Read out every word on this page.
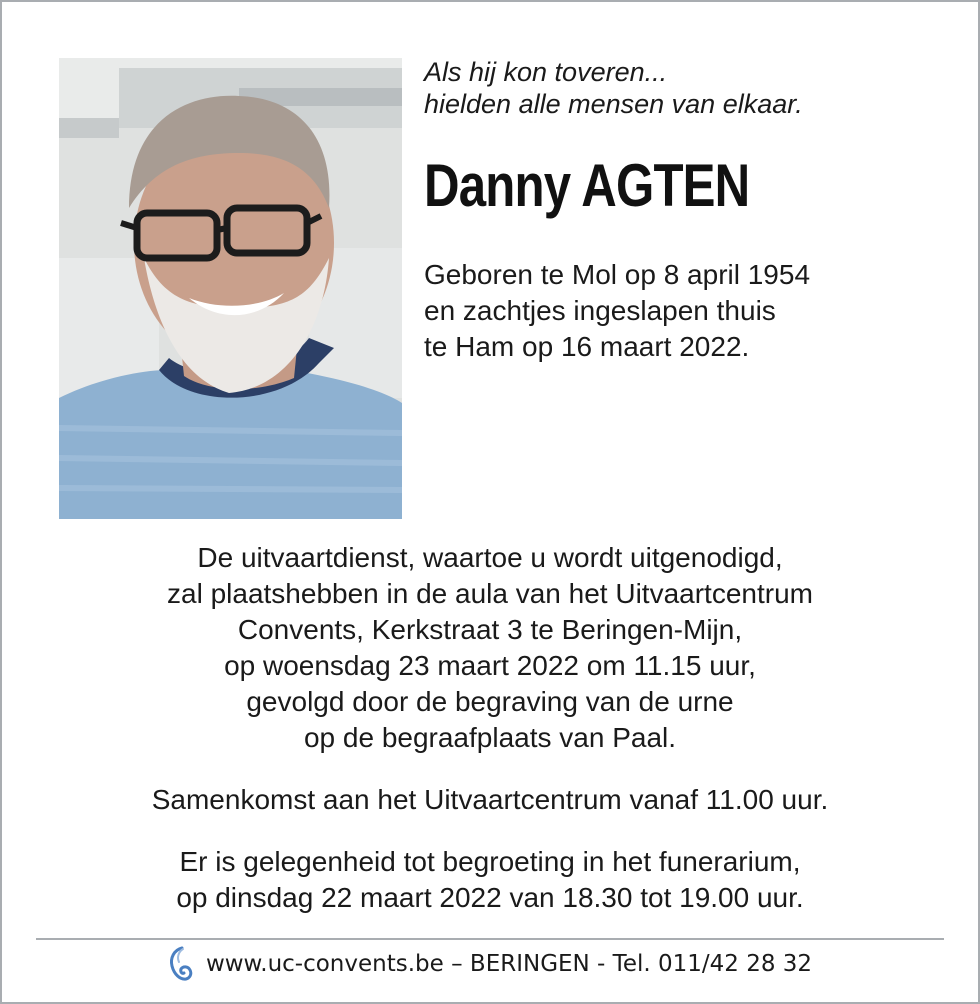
Als hij kon toveren...
hielden alle mensen van elkaar.
Danny AGTEN
Geboren te Mol op 8 april 1954
en zachtjes ingeslapen thuis
te Ham op 16 maart 2022.
De uitvaartdienst, waartoe u wordt uitgenodigd,
zal plaatshebben in de aula van het Uitvaartcentrum
Convents, Kerkstraat 3 te Beringen-Mijn,
op woensdag 23 maart 2022 om 11.15 uur,
gevolgd door de begraving van de urne
op de begraafplaats van Paal.
Samenkomst aan het Uitvaartcentrum vanaf 11.00 uur.
Er is gelegenheid tot begroeting in het funerarium,
op dinsdag 22 maart 2022 van 18.30 tot 19.00 uur.
www.uc-convents.be – BERINGEN - Tel. 011/42 28 32
